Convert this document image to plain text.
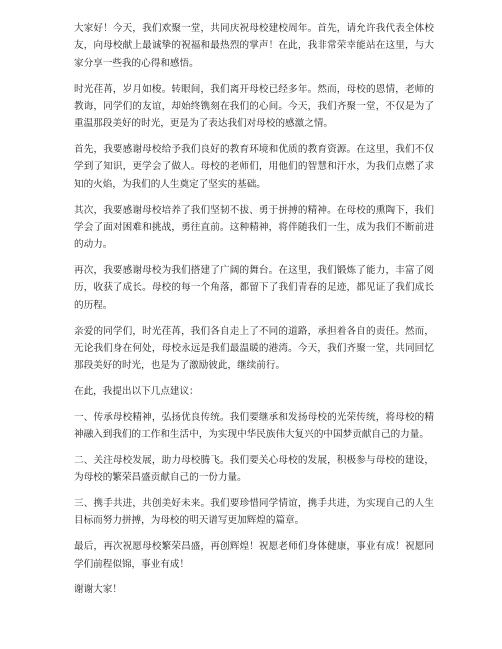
大家好！今天，我们欢聚一堂，共同庆祝母校建校周年。首先，请允许我代表全体校友，向母校献上最诚挚的祝福和最热烈的掌声！在此，我非常荣幸能站在这里，与大家分享一些我的心得和感悟。

时光荏苒，岁月如梭。转眼间，我们离开母校已经多年。然而，母校的恩情，老师的教诲，同学们的友谊，却始终镌刻在我们的心间。今天，我们齐聚一堂，不仅是为了重温那段美好的时光，更是为了表达我们对母校的感激之情。

首先，我要感谢母校给予我们良好的教育环境和优质的教育资源。在这里，我们不仅学到了知识，更学会了做人。母校的老师们，用他们的智慧和汗水，为我们点燃了求知的火焰，为我们的人生奠定了坚实的基础。

其次，我要感谢母校培养了我们坚韧不拔、勇于拼搏的精神。在母校的熏陶下，我们学会了面对困难和挑战，勇往直前。这种精神，将伴随我们一生，成为我们不断前进的动力。

再次，我要感谢母校为我们搭建了广阔的舞台。在这里，我们锻炼了能力，丰富了阅历，收获了成长。母校的每一个角落，都留下了我们青春的足迹，都见证了我们成长的历程。

亲爱的同学们，时光荏苒，我们各自走上了不同的道路，承担着各自的责任。然而，无论我们身在何处，母校永远是我们最温暖的港湾。今天，我们齐聚一堂，共同回忆那段美好的时光，也是为了激励彼此，继续前行。

在此，我提出以下几点建议：

一、传承母校精神，弘扬优良传统。我们要继承和发扬母校的光荣传统，将母校的精神融入到我们的工作和生活中，为实现中华民族伟大复兴的中国梦贡献自己的力量。

二、关注母校发展，助力母校腾飞。我们要关心母校的发展，积极参与母校的建设，为母校的繁荣昌盛贡献自己的一份力量。

三、携手共进，共创美好未来。我们要珍惜同学情谊，携手共进，为实现自己的人生目标而努力拼搏，为母校的明天谱写更加辉煌的篇章。

最后，再次祝愿母校繁荣昌盛，再创辉煌！祝愿老师们身体健康，事业有成！祝愿同学们前程似锦，事业有成！

谢谢大家！
